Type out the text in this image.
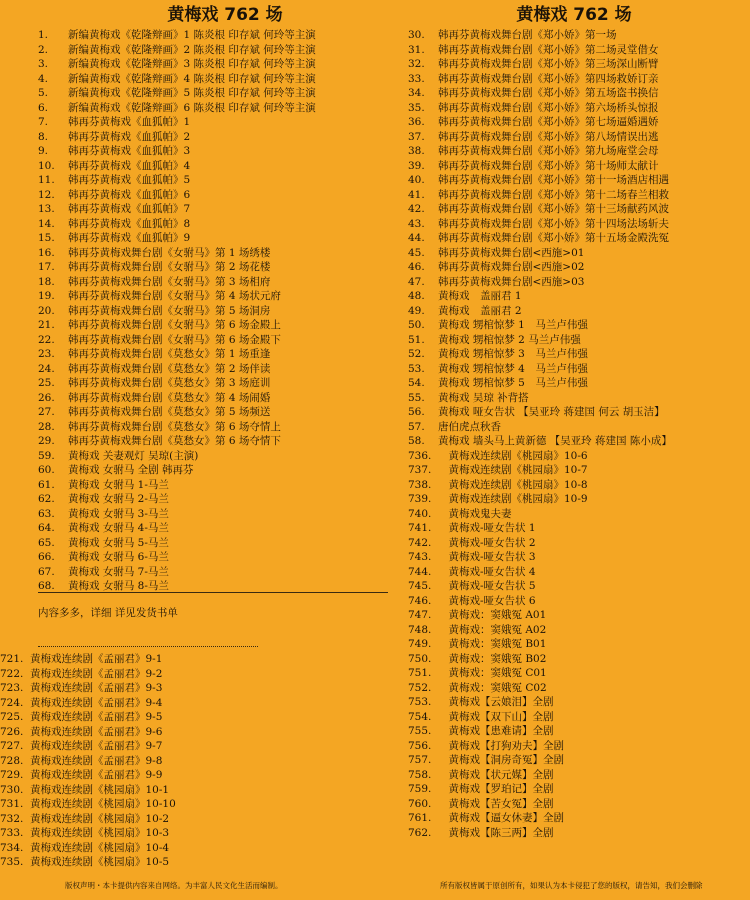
黄梅戏 762 场
1. 新编黄梅戏《乾隆辩画》1 陈炎根 印存斌 何玲等主演
2. 新编黄梅戏《乾隆辩画》2 陈炎根 印存斌 何玲等主演
3. 新编黄梅戏《乾隆辩画》3 陈炎根 印存斌 何玲等主演
4. 新编黄梅戏《乾隆辩画》4 陈炎根 印存斌 何玲等主演
5. 新编黄梅戏《乾隆辩画》5 陈炎根 印存斌 何玲等主演
6. 新编黄梅戏《乾隆辩画》6 陈炎根 印存斌 何玲等主演
7. 韩再芬黄梅戏《血狐帕》1
8. 韩再芬黄梅戏《血狐帕》2
9. 韩再芬黄梅戏《血狐帕》3
10. 韩再芬黄梅戏《血狐帕》4
11. 韩再芬黄梅戏《血狐帕》5
12. 韩再芬黄梅戏《血狐帕》6
13. 韩再芬黄梅戏《血狐帕》7
14. 韩再芬黄梅戏《血狐帕》8
15. 韩再芬黄梅戏《血狐帕》9
16. 韩再芬黄梅戏舞台剧《女驸马》第 1 场绣楼
17. 韩再芬黄梅戏舞台剧《女驸马》第 2 场花楼
18. 韩再芬黄梅戏舞台剧《女驸马》第 3 场相府
19. 韩再芬黄梅戏舞台剧《女驸马》第 4 场状元府
20. 韩再芬黄梅戏舞台剧《女驸马》第 5 场洞房
21. 韩再芬黄梅戏舞台剧《女驸马》第 6 场金殿上
22. 韩再芬黄梅戏舞台剧《女驸马》第 6 场金殿下
23. 韩再芬黄梅戏舞台剧《莫愁女》第 1 场重逢
24. 韩再芬黄梅戏舞台剧《莫愁女》第 2 场伴读
25. 韩再芬黄梅戏舞台剧《莫愁女》第 3 场庭训
26. 韩再芬黄梅戏舞台剧《莫愁女》第 4 场闹婚
27. 韩再芬黄梅戏舞台剧《莫愁女》第 5 场频送
28. 韩再芬黄梅戏舞台剧《莫愁女》第 6 场夺情上
29. 韩再芬黄梅戏舞台剧《莫愁女》第 6 场夺情下
59. 黄梅戏 关妻观灯 吴琼(主演)
60. 黄梅戏 女驸马 全剧 韩再芬
61. 黄梅戏 女驸马 1-马兰
62. 黄梅戏 女驸马 2-马兰
63. 黄梅戏 女驸马 3-马兰
64. 黄梅戏 女驸马 4-马兰
65. 黄梅戏 女驸马 5-马兰
66. 黄梅戏 女驸马 6-马兰
67. 黄梅戏 女驸马 7-马兰
68. 黄梅戏 女驸马 8-马兰
内容多多，详细 详见发货书单
721. 黄梅戏连续剧《孟丽君》9-1
722. 黄梅戏连续剧《孟丽君》9-2
723. 黄梅戏连续剧《孟丽君》9-3
724. 黄梅戏连续剧《孟丽君》9-4
725. 黄梅戏连续剧《孟丽君》9-5
726. 黄梅戏连续剧《孟丽君》9-6
727. 黄梅戏连续剧《孟丽君》9-7
728. 黄梅戏连续剧《孟丽君》9-8
729. 黄梅戏连续剧《孟丽君》9-9
730. 黄梅戏连续剧《桃园扇》10-1
731. 黄梅戏连续剧《桃园扇》10-10
732. 黄梅戏连续剧《桃园扇》10-2
733. 黄梅戏连续剧《桃园扇》10-3
734. 黄梅戏连续剧《桃园扇》10-4
735. 黄梅戏连续剧《桃园扇》10-5
黄梅戏 762 场
30. 韩再芬黄梅戏舞台剧《郑小娇》第一场
31. 韩再芬黄梅戏舞台剧《郑小娇》第二场灵堂借女
32. 韩再芬黄梅戏舞台剧《郑小娇》第三场深山断臂
33. 韩再芬黄梅戏舞台剧《郑小娇》第四场救娇订亲
34. 韩再芬黄梅戏舞台剧《郑小娇》第五场盗书换信
35. 韩再芬黄梅戏舞台剧《郑小娇》第六场桥头惊报
36. 韩再芬黄梅戏舞台剧《郑小娇》第七场逼婚遇娇
37. 韩再芬黄梅戏舞台剧《郑小娇》第八场情误出逃
38. 韩再芬黄梅戏舞台剧《郑小娇》第九场庵堂会母
39. 韩再芬黄梅戏舞台剧《郑小娇》第十场师太献计
40. 韩再芬黄梅戏舞台剧《郑小娇》第十一场酒店相遇
41. 韩再芬黄梅戏舞台剧《郑小娇》第十二场春兰相救
42. 韩再芬黄梅戏舞台剧《郑小娇》第十三场献药风波
43. 韩再芬黄梅戏舞台剧《郑小娇》第十四场法场斩夫
44. 韩再芬黄梅戏舞台剧《郑小娇》第十五场金殿洗冤
45. 韩再芬黄梅戏舞台剧<西施>01
46. 韩再芬黄梅戏舞台剧<西施>02
47. 韩再芬黄梅戏舞台剧<西施>03
48. 黄梅戏　盖丽君 1
49. 黄梅戏　盖丽君 2
50. 黄梅戏 甥棺惊梦 1　马兰卢伟强
51. 黄梅戏 甥棺惊梦 2 马兰卢伟强
52. 黄梅戏 甥棺惊梦 3　马兰卢伟强
53. 黄梅戏 甥棺惊梦 4　马兰卢伟强
54. 黄梅戏 甥棺惊梦 5　马兰卢伟强
55. 黄梅戏 吴琼 补背搭
56. 黄梅戏 哑女告状 【吴亚玲 蒋建国 何云 胡玉洁】
57. 唐伯虎点秋香
58. 黄梅戏 墙头马上黄新德 【吴亚玲 蒋建国 陈小成】
736.　黄梅戏连续剧《桃园扇》10-6
737.　黄梅戏连续剧《桃园扇》10-7
738.　黄梅戏连续剧《桃园扇》10-8
739.　黄梅戏连续剧《桃园扇》10-9
740.　黄梅戏鬼夫妻
741.　黄梅戏-哑女告状 1
742.　黄梅戏-哑女告状 2
743.　黄梅戏-哑女告状 3
744.　黄梅戏-哑女告状 4
745.　黄梅戏-哑女告状 5
746.　黄梅戏-哑女告状 6
747.　黄梅戏：窦娥冤 A01
748.　黄梅戏：窦娥冤 A02
749.　黄梅戏：窦娥冤 B01
750.　黄梅戏：窦娥冤 B02
751.　黄梅戏：窦娥冤 C01
752.　黄梅戏：窦娥冤 C02
753.　黄梅戏【云娘泪】全剧
754.　黄梅戏【双下山】全剧
755.　黄梅戏【患难请】全剧
756.　黄梅戏【打狗劝夫】全剧
757.　黄梅戏【洞房奇冤】全剧
758.　黄梅戏【状元媒】全剧
759.　黄梅戏【罗珀记】全剧
760.　黄梅戏【苦女冤】全剧
761.　黄梅戏【逼女休妻】全剧
762.　黄梅戏【陈三两】全剧
版权声明・本卡提供内容来自网络。为丰富人民文化生活而编制。	所有版权皆属于原创所有，如果认为本卡侵犯了您的版权，请告知，我们会删除
